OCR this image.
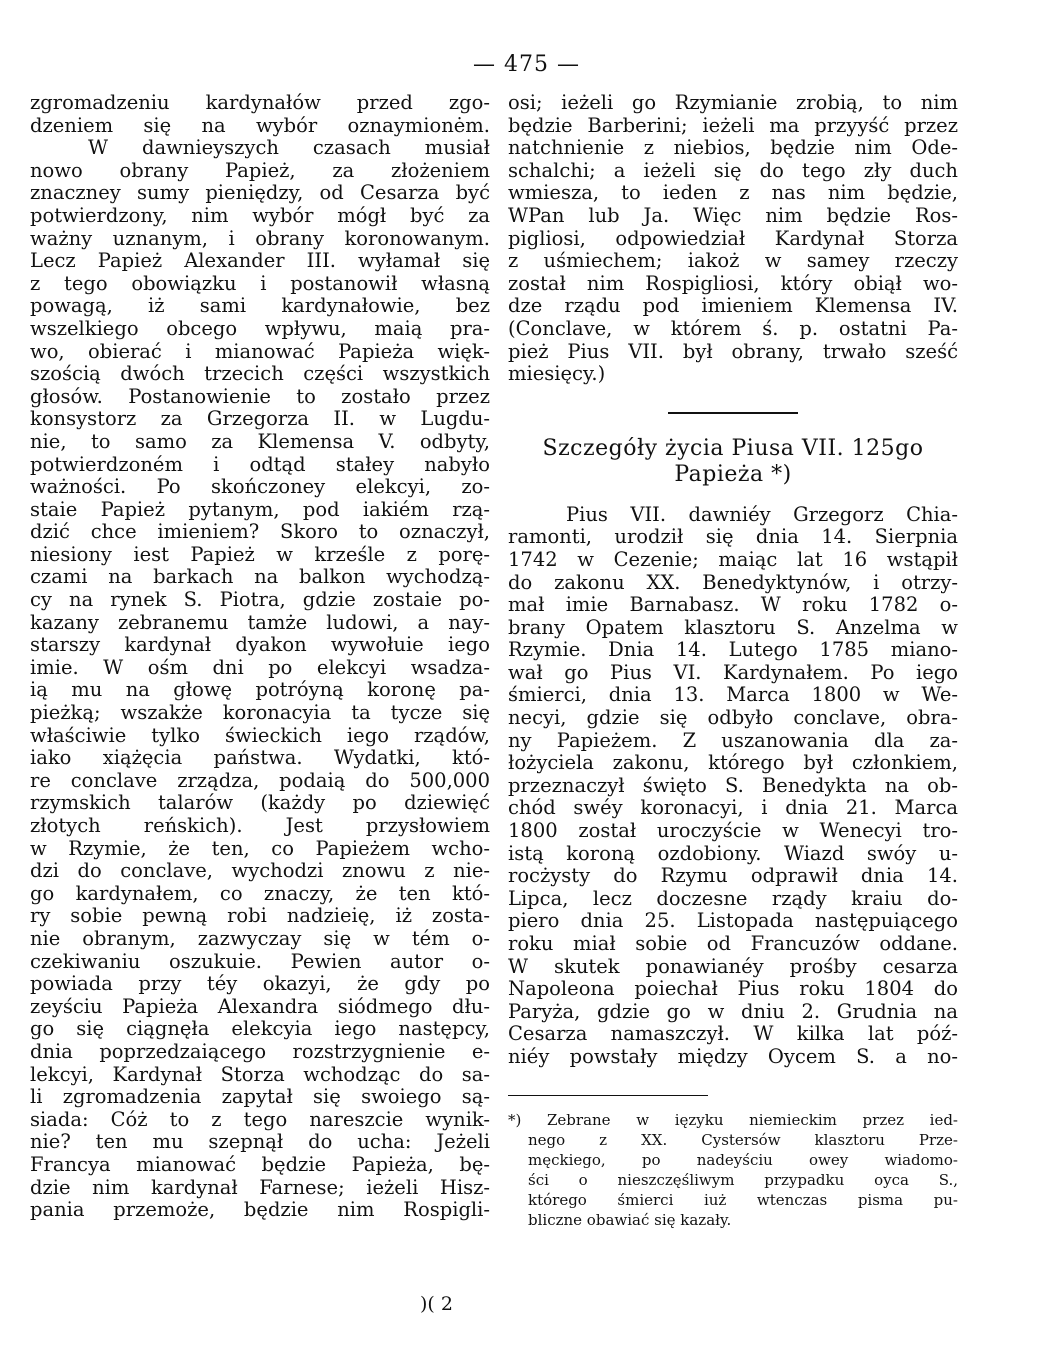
— 475 —
zgromadzeniu kardynałów przed zgo-
dzeniem się na wybór oznaymionėm.
W dawnieyszych czasach musiał
nowo obrany Papież, za złożeniem
znaczney sumy pieniędzy, od Cesarza być
potwierdzony, nim wybór mógł być za
ważny uznanym, i obrany koronowanym.
Lecz Papież Alexander III. wyłamał się
z tego obowiązku i postanowił własną
powagą, iż sami kardynałowie, bez
wszelkiego obcego wpływu, maią pra-
wo, obierać i mianować Papieża więk-
szością dwóch trzecich części wszystkich
głosów. Postanowienie to zostało przez
konsystorz za Grzegorza II. w Lugdu-
nie, to samo za Klemensa V. odbyty,
potwierdzoném i odtąd stałey nabyło
ważności. Po skończoney elekcyi, zo-
staie Papież pytanym, pod iakiém rzą-
dzić chce imieniem? Skoro to oznaczył,
niesiony iest Papież w krześle z porę-
czami na barkach na balkon wychodzą-
cy na rynek S. Piotra, gdzie zostaie po-
kazany zebranemu tamże ludowi, a nay-
starszy kardynał dyakon wywołuie iego
imie. W ośm dni po elekcyi wsadza-
ią mu na głowę potróyną koronę pa-
pieżką; wszakże koronacyia ta tycze się
właściwie tylko świeckich iego rządów,
iako xiążęcia państwa. Wydatki, któ-
re conclave zrządza, podaią do 500,000
rzymskich talarów (każdy po dziewięć
złotych reńskich). Jest przysłowiem
w Rzymie, że ten, co Papieżem wcho-
dzi do conclave, wychodzi znowu z nie-
go kardynałem, co znaczy, że ten któ-
ry sobie pewną robi nadzieię, iż zosta-
nie obranym, zazwyczay się w tém o-
czekiwaniu oszukuie. Pewien autor o-
powiada przy téy okazyi, że gdy po
zeyściu Papieża Alexandra siódmego dłu-
go się ciągnęła elekcyia iego następcy,
dnia poprzedzaiącego rozstrzygnienie e-
lekcyi, Kardynał Storza wchodząc do sa-
li zgromadzenia zapytał się swoiego są-
siada: Cóż to z tego nareszcie wynik-
nie? ten mu szepnął do ucha: Jeżeli
Francya mianować będzie Papieża, bę-
dzie nim kardynał Farnese; ieżeli Hisz-
pania przemoże, będzie nim Rospigli-
osi; ieżeli go Rzymianie zrobią, to nim
będzie Barberini; ieżeli ma przyyść przez
natchnienie z niebios, będzie nim Ode-
schalchi; a ieżeli się do tego zły duch
wmiesza, to ieden z nas nim będzie,
WPan lub Ja. Więc nim będzie Ros-
pigliosi, odpowiedział Kardynał Storza
z uśmiechem; iakoż w samey rzeczy
został nim Rospigliosi, który obiął wo-
dze rządu pod imieniem Klemensa IV.
(Conclave, w którem ś. p. ostatni Pa-
pież Pius VII. był obrany, trwało sześć
miesięcy.)
Szczegóły życia Piusa VII. 125go
Papieża *)
Pius VII. dawniéy Grzegorz Chia-
ramonti, urodził się dnia 14. Sierpnia
1742 w Cezenie; maiąc lat 16 wstąpił
do zakonu XX. Benedyktynów, i otrzy-
mał imie Barnabasz. W roku 1782 o-
brany Opatem klasztoru S. Anzelma w
Rzymie. Dnia 14. Lutego 1785 miano-
wał go Pius VI. Kardynałem. Po iego
śmierci, dnia 13. Marca 1800 w We-
necyi, gdzie się odbyło conclave, obra-
ny Papieżem. Z uszanowania dla za-
łożyciela zakonu, którego był członkiem,
przeznaczył święto S. Benedykta na ob-
chód swéy koronacyi, i dnia 21. Marca
1800 został uroczyście w Wenecyi tro-
istą koroną ozdobiony. Wiazd swóy u-
rocżysty do Rzymu odprawił dnia 14.
Lipca, lecz doczesne rządy kraiu do-
piero dnia 25. Listopada następuiącego
roku miał sobie od Francuzów oddane.
W skutek ponawianéy prośby cesarza
Napoleona poiechał Pius roku 1804 do
Paryża, gdzie go w dniu 2. Grudnia na
Cesarza namaszczył. W kilka lat póź-
niéy powstały między Oycem S. a no-
*) Zebrane w ięzyku niemieckim przez ied-
nego z XX. Cystersów klasztoru Prze-
męckiego, po nadeyściu owey wiadomo-
ści o nieszczęśliwym przypadku oyca S.,
którego śmierci iuż wtenczas pisma pu-
bliczne obawiać się kazały.
)( 2
